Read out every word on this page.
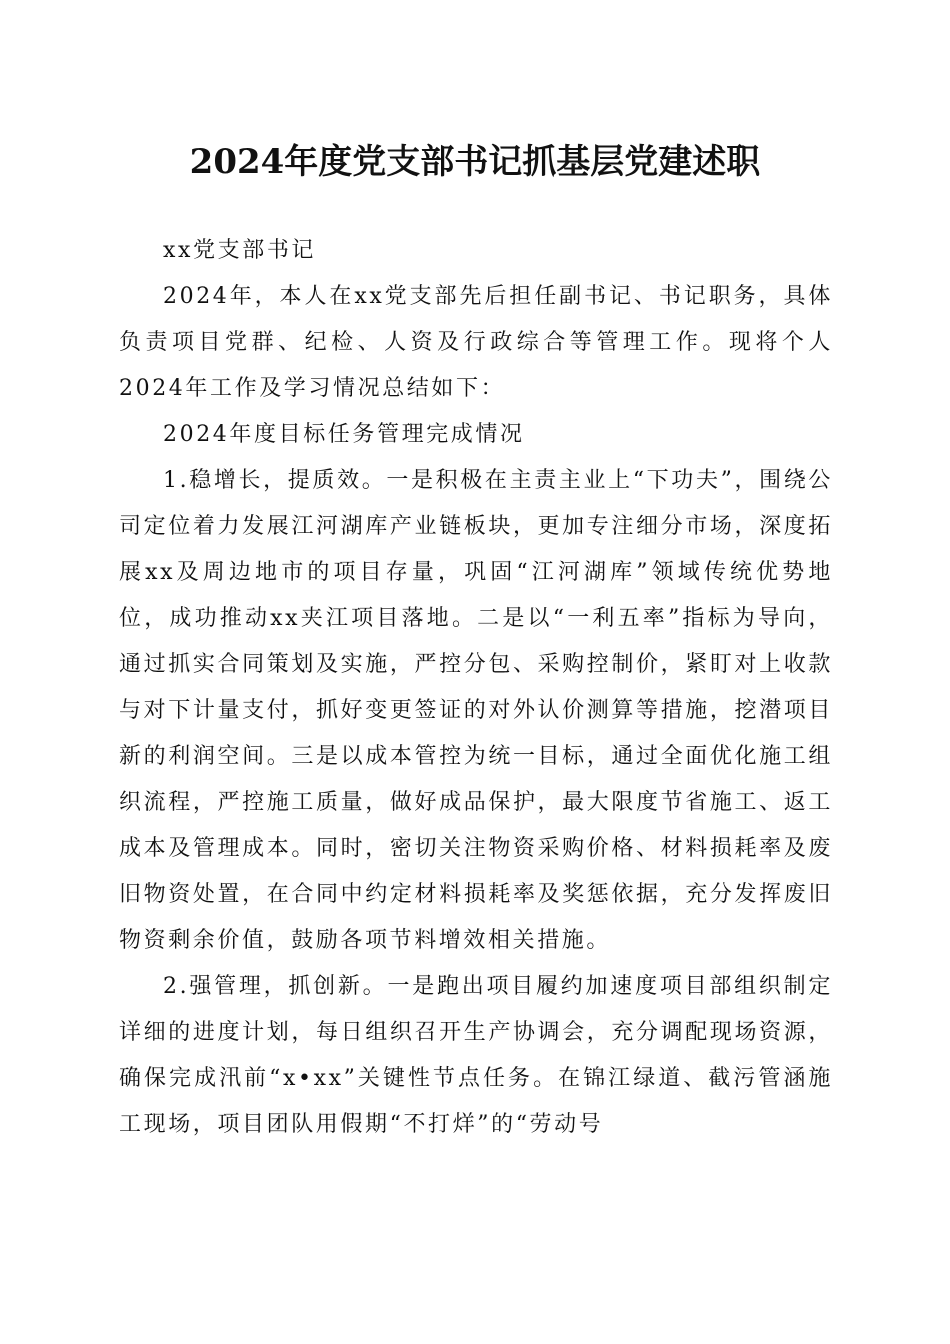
2024年度党支部书记抓基层党建述职

xx党支部书记

2024年，本人在xx党支部先后担任副书记、书记职务，具体负责项目党群、纪检、人资及行政综合等管理工作。现将个人2024年工作及学习情况总结如下：

2024年度目标任务管理完成情况

1.稳增长，提质效。一是积极在主责主业上“下功夫”，围绕公司定位着力发展江河湖库产业链板块，更加专注细分市场，深度拓展xx及周边地市的项目存量，巩固“江河湖库”领域传统优势地位，成功推动xx夹江项目落地。二是以“一利五率”指标为导向，通过抓实合同策划及实施，严控分包、采购控制价，紧盯对上收款与对下计量支付，抓好变更签证的对外认价测算等措施，挖潜项目新的利润空间。三是以成本管控为统一目标，通过全面优化施工组织流程，严控施工质量，做好成品保护，最大限度节省施工、返工成本及管理成本。同时，密切关注物资采购价格、材料损耗率及废旧物资处置，在合同中约定材料损耗率及奖惩依据，充分发挥废旧物资剩余价值，鼓励各项节料增效相关措施。

2.强管理，抓创新。一是跑出项目履约加速度项目部组织制定详细的进度计划，每日组织召开生产协调会，充分调配现场资源，确保完成汛前“x•xx”关键性节点任务。在锦江绿道、截污管涵施工现场，项目团队用假期“不打烊”的“劳动号
